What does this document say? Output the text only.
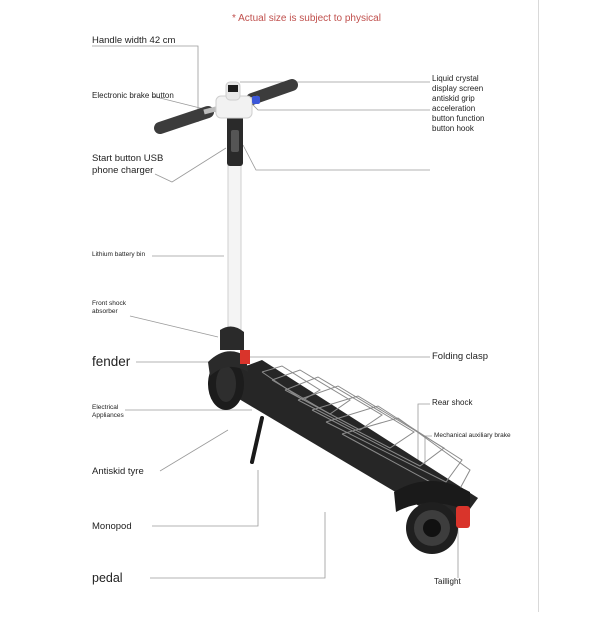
* Actual size is subject to physical
Handle width 42 cm
Electronic brake button
Start button USB
phone charger
Lithium battery bin
Front shock
absorber
fender
Electrical
Appliances
Antiskid tyre
Monopod
pedal
Liquid crystal
display screen
antiskid grip
acceleration
button function
button hook
Folding clasp
Rear shock
Mechanical auxiliary brake
Taillight
